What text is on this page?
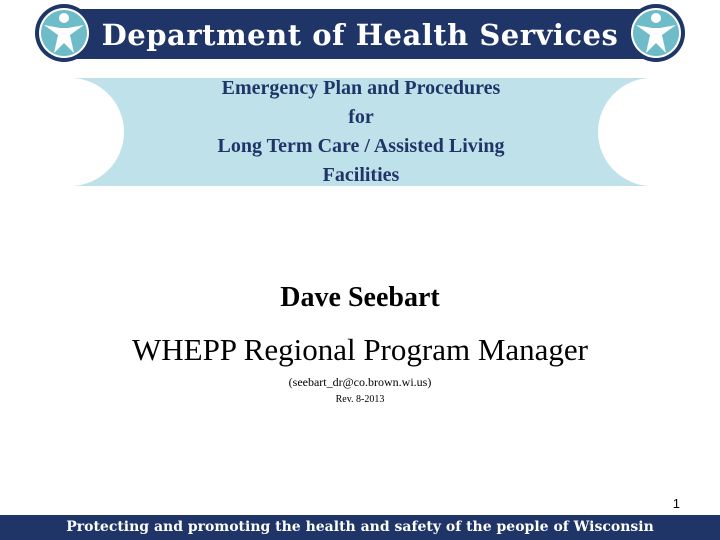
Department of Health Services
Emergency Plan and Procedures
for
Long Term Care / Assisted Living
Facilities
Dave Seebart
WHEPP Regional Program Manager
(seebart_dr@co.brown.wi.us)
Rev. 8-2013
1
Protecting and promoting the health and safety of the people of Wisconsin
